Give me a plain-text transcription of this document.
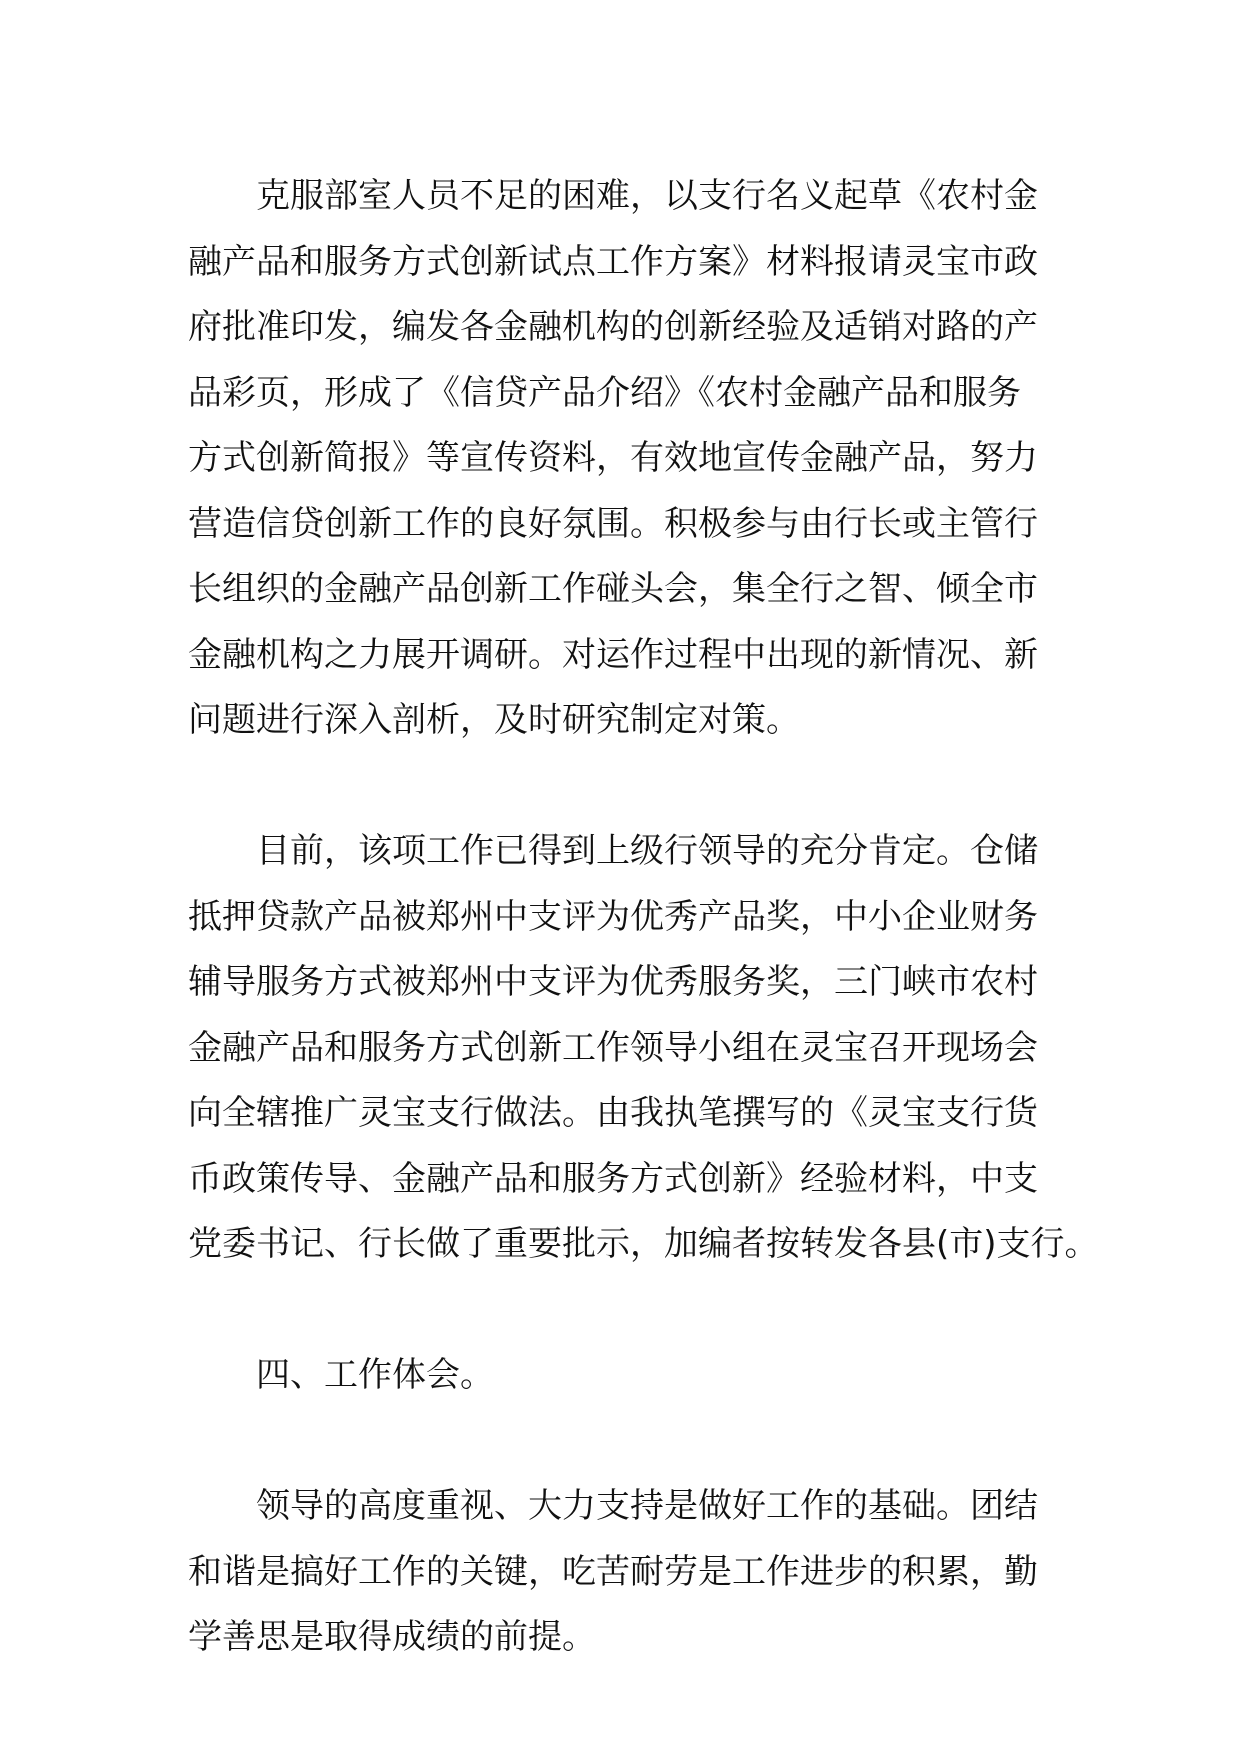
克服部室人员不足的困难，以支行名义起草《农村金
融产品和服务方式创新试点工作方案》材料报请灵宝市政
府批准印发，编发各金融机构的创新经验及适销对路的产
品彩页，形成了《信贷产品介绍》《农村金融产品和服务
方式创新简报》等宣传资料，有效地宣传金融产品，努力
营造信贷创新工作的良好氛围。积极参与由行长或主管行
长组织的金融产品创新工作碰头会，集全行之智、倾全市
金融机构之力展开调研。对运作过程中出现的新情况、新
问题进行深入剖析，及时研究制定对策。
目前，该项工作已得到上级行领导的充分肯定。仓储
抵押贷款产品被郑州中支评为优秀产品奖，中小企业财务
辅导服务方式被郑州中支评为优秀服务奖，三门峡市农村
金融产品和服务方式创新工作领导小组在灵宝召开现场会
向全辖推广灵宝支行做法。由我执笔撰写的《灵宝支行货
币政策传导、金融产品和服务方式创新》经验材料，中支
党委书记、行长做了重要批示，加编者按转发各县(市)支行。
四、工作体会。
领导的高度重视、大力支持是做好工作的基础。团结
和谐是搞好工作的关键，吃苦耐劳是工作进步的积累，勤
学善思是取得成绩的前提。
